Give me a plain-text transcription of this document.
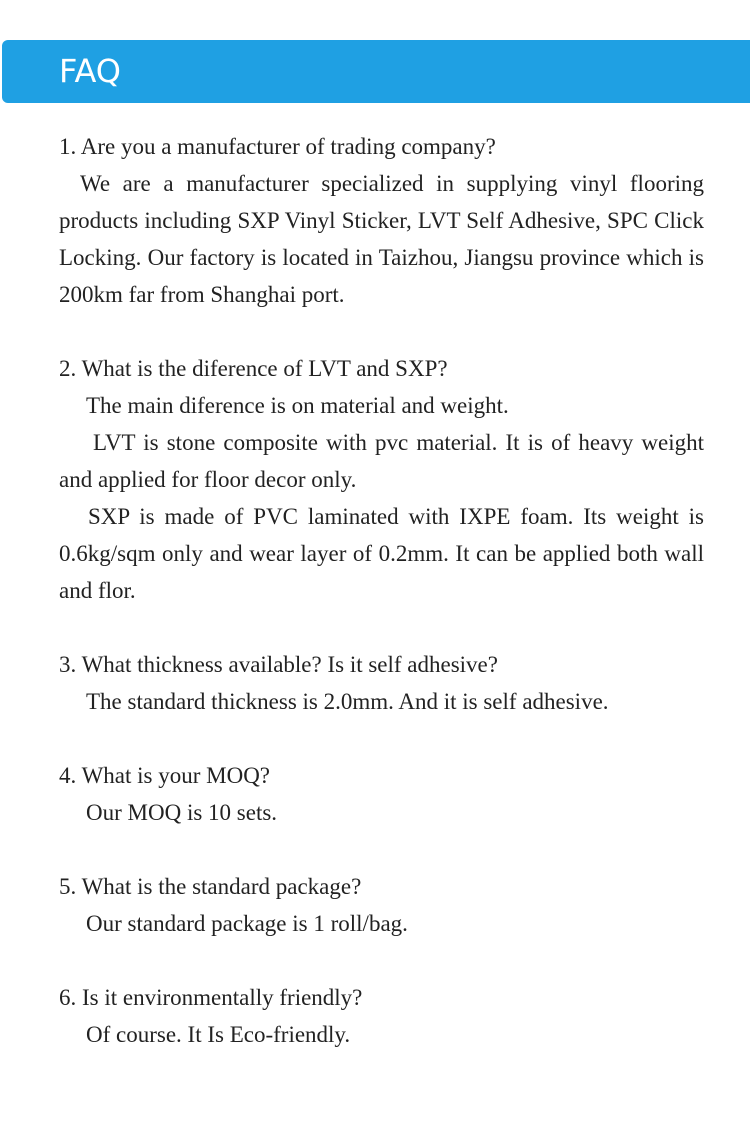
FAQ

1. Are you a manufacturer of trading company?

We are a manufacturer specialized in supplying vinyl flooring products including SXP Vinyl Sticker, LVT Self Adhesive, SPC Click Locking. Our factory is located in Taizhou, Jiangsu province which is 200km far from Shanghai port.

2. What is the diference of LVT and SXP?

The main diference is on material and weight.

LVT is stone composite with pvc material. It is of heavy weight and applied for floor decor only.

SXP is made of PVC laminated with IXPE foam. Its weight is 0.6kg/sqm only and wear layer of 0.2mm. It can be applied both wall and flor.

3. What thickness available? Is it self adhesive?

The standard thickness is 2.0mm. And it is self adhesive.

4. What is your MOQ?

Our MOQ is 10 sets.

5. What is the standard package?

Our standard package is 1 roll/bag.

6. Is it environmentally friendly?

Of course. It Is Eco-friendly.
